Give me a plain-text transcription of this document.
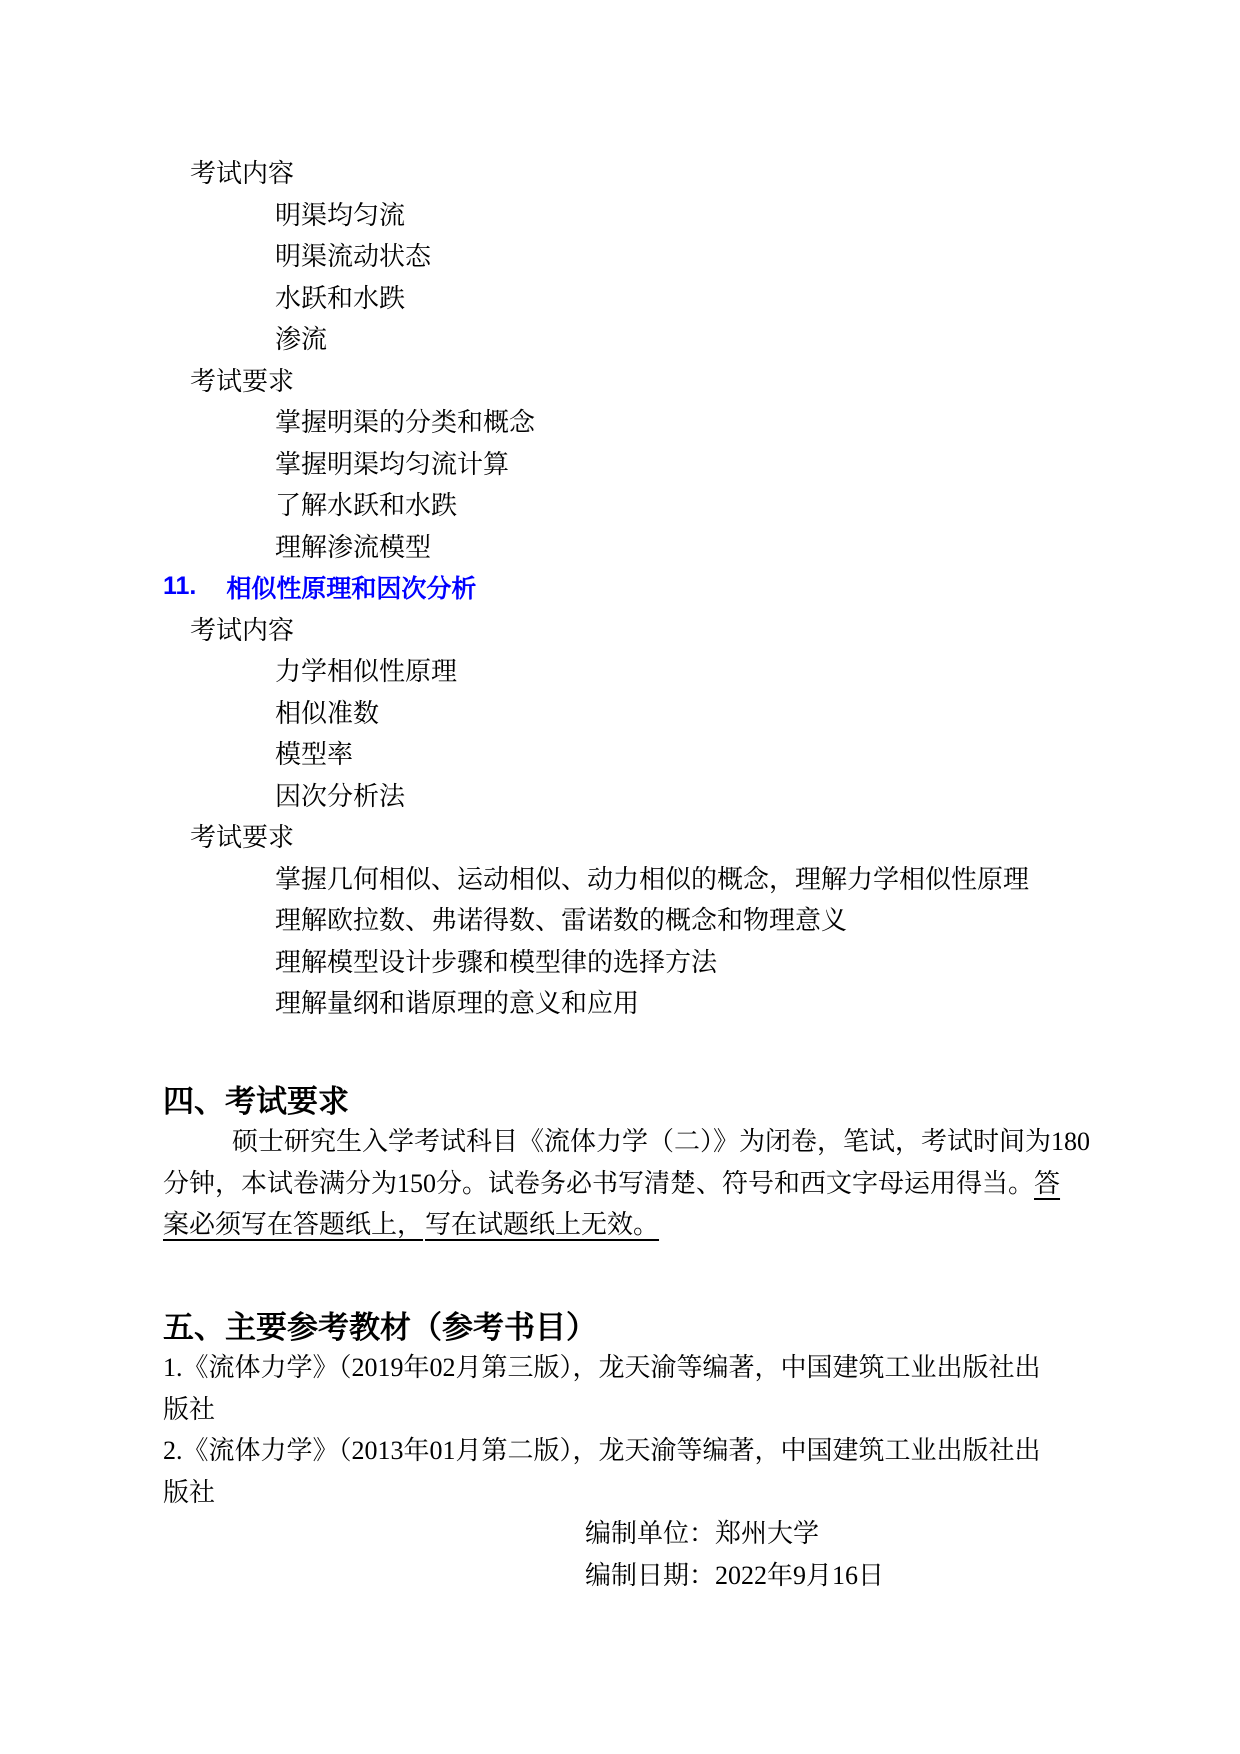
考试内容
明渠均匀流
明渠流动状态
水跃和水跌
渗流
考试要求
掌握明渠的分类和概念
掌握明渠均匀流计算
了解水跃和水跌
理解渗流模型
11. 相似性原理和因次分析
考试内容
力学相似性原理
相似准数
模型率
因次分析法
考试要求
掌握几何相似、运动相似、动力相似的概念，理解力学相似性原理
理解欧拉数、弗诺得数、雷诺数的概念和物理意义
理解模型设计步骤和模型律的选择方法
理解量纲和谐原理的意义和应用
四、考试要求
硕士研究生入学考试科目《流体力学（二）》为闭卷，笔试，考试时间为180
分钟，本试卷满分为150分。试卷务必书写清楚、符号和西文字母运用得当。 答
案必须写在答题纸上， 写在试题纸上无效。
五、主要参考教材（参考书目）
1.《流体力学》（2019年02月第三版），龙天渝等编著，中国建筑工业出版社出
版社
2.《流体力学》（2013年01月第二版），龙天渝等编著，中国建筑工业出版社出
版社
编制单位：郑州大学
编制日期：2022年9月16日
